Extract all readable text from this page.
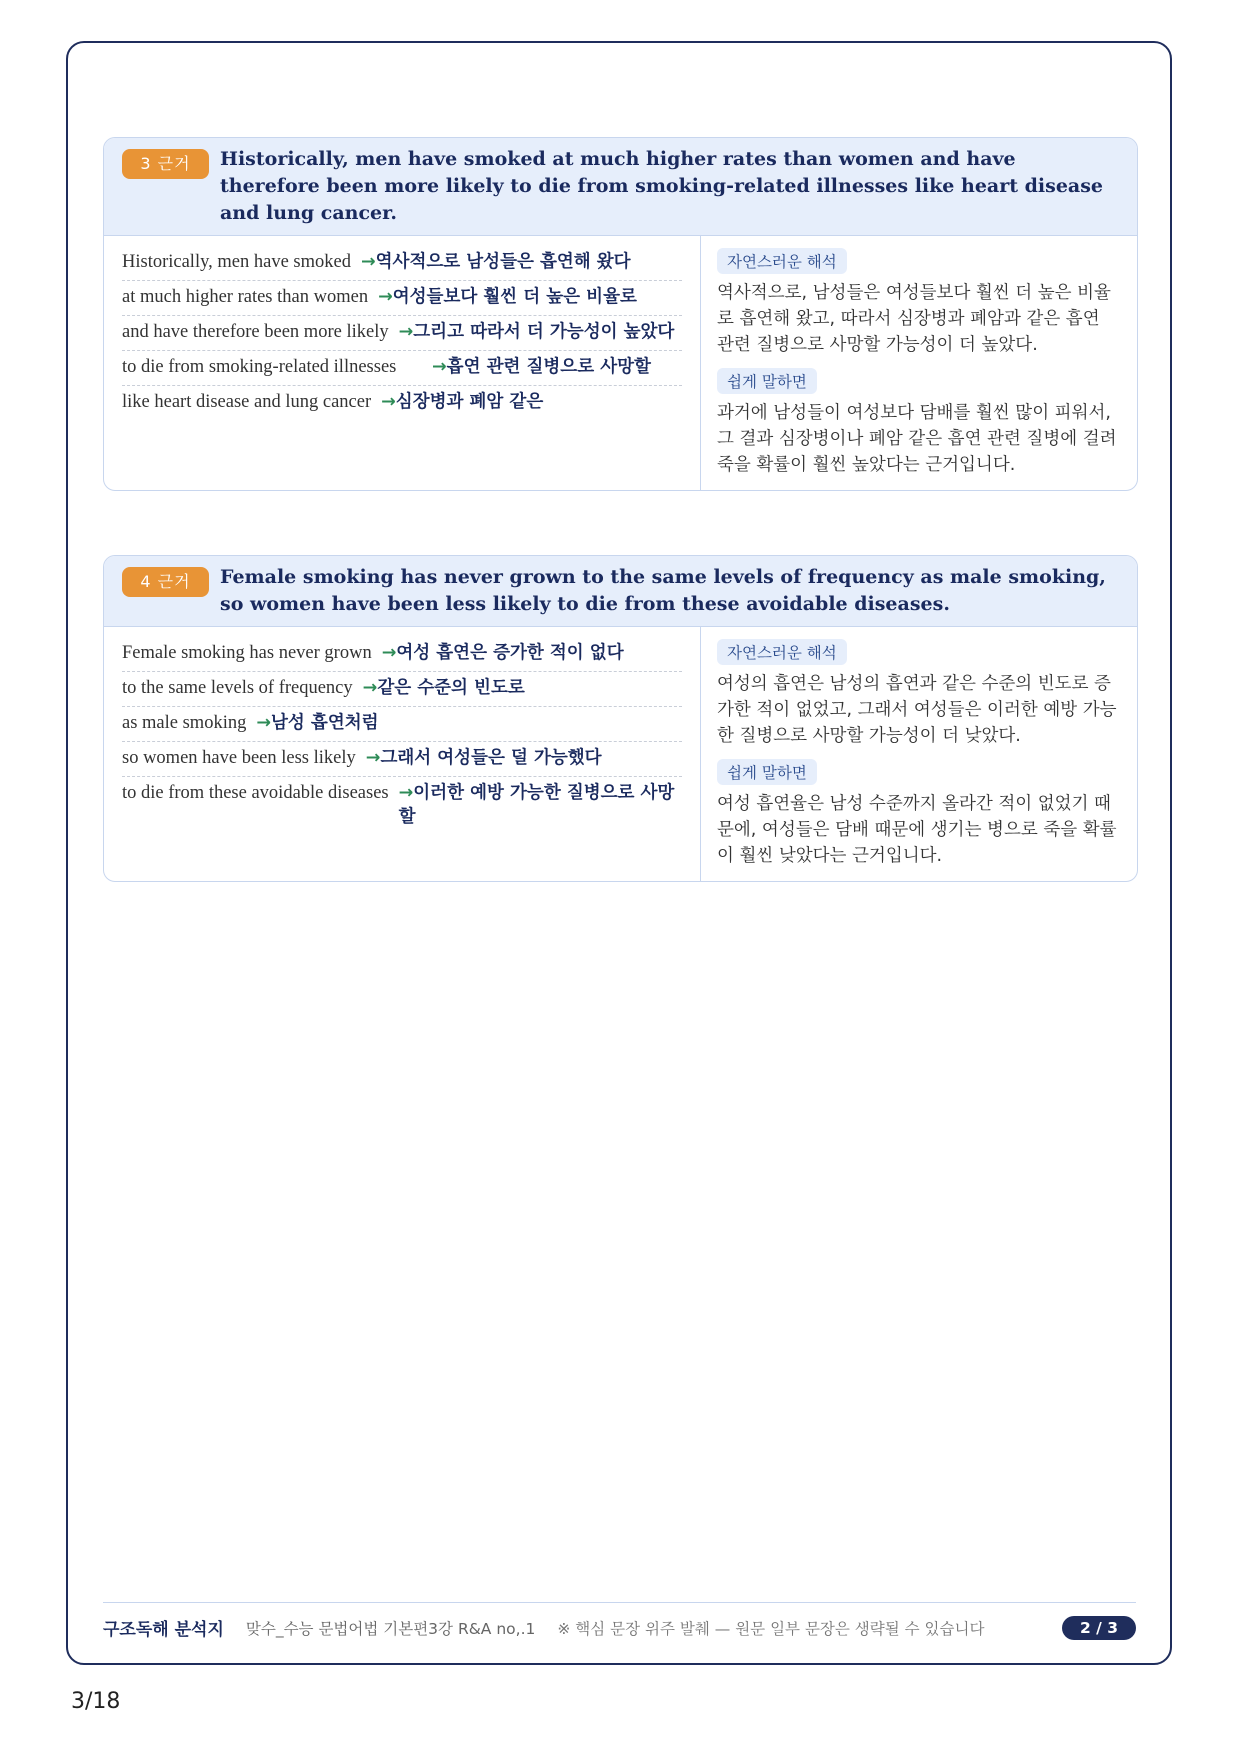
3 근거	Historically, men have smoked at much higher rates than women and have therefore been more likely to die from smoking-related illnesses like heart disease and lung cancer.
Historically, men have smoked →역사적으로 남성들은 흡연해 왔다
at much higher rates than women →여성들보다 훨씬 더 높은 비율로
and have therefore been more likely →그리고 따라서 더 가능성이 높았다
to die from smoking-related illnesses	→흡연 관련 질병으로 사망할
like heart disease and lung cancer →심장병과 폐암 같은
자연스러운 해석

역사적으로, 남성들은 여성들보다 훨씬 더 높은 비율로 흡연해 왔고, 따라서 심장병과 폐암과 같은 흡연 관련 질병으로 사망할 가능성이 더 높았다.

쉽게 말하면

과거에 남성들이 여성보다 담배를 훨씬 많이 피워서, 그 결과 심장병이나 폐암 같은 흡연 관련 질병에 걸려 죽을 확률이 훨씬 높았다는 근거입니다.

4 근거	Female smoking has never grown to the same levels of frequency as male smoking, so women have been less likely to die from these avoidable diseases.
Female smoking has never grown →여성 흡연은 증가한 적이 없다
to the same levels of frequency →같은 수준의 빈도로
as male smoking →남성 흡연처럼
so women have been less likely →그래서 여성들은 덜 가능했다
to die from these avoidable diseases →이러한 예방 가능한 질병으로 사망할
자연스러운 해석

여성의 흡연은 남성의 흡연과 같은 수준의 빈도로 증가한 적이 없었고, 그래서 여성들은 이러한 예방 가능한 질병으로 사망할 가능성이 더 낮았다.

쉽게 말하면

여성 흡연율은 남성 수준까지 올라간 적이 없었기 때문에, 여성들은 담배 때문에 생기는 병으로 죽을 확률이 훨씬 낮았다는 근거입니다.

구조독해 분석지 맞수_수능 문법어법 기본편3강 R&A no,.1 ※ 핵심 문장 위주 발췌 — 원문 일부 문장은 생략될 수 있습니다	2 / 3
3/18
